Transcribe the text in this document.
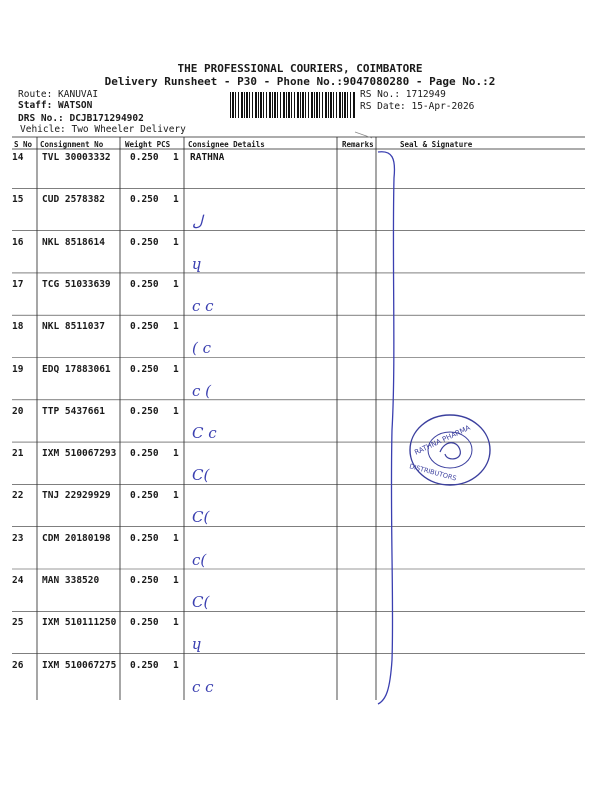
THE PROFESSIONAL COURIERS, COIMBATORE
Delivery Runsheet - P30 - Phone No.:9047080280 - Page No.:2
Route: KANUVAI
Staff: WATSON
DRS No.: DCJB171294902
Vehicle: Two Wheeler Delivery
RS No.: 1712949
RS Date: 15-Apr-2026
S No Consignment No	Weight PCS Consignee Details	Remarks	Seal & Signature
14 TVL 30003332 0.250 1 RATHNA
15 CUD 2578382	0.250 1
ل
16 NKL 8518614	0.250 1
ɥ
17 TCG 51033639 0.250 1
c c
18 NKL 8511037	0.250 1
( c
19 EDQ 17883061 0.250 1
c (
20 TTP 5437661	0.250 1
C c
21 IXM 510067293 0.250 1
C(
22 TNJ 22929929 0.250 1
C(
23 CDM 20180198 0.250 1
c(
24 MAN 338520	0.250 1
C(
25 IXM 510111250 0.250 1
ɥ
26 IXM 510067275 0.250 1
c c
RATHNA PHARMA
DISTRIBUTORS
